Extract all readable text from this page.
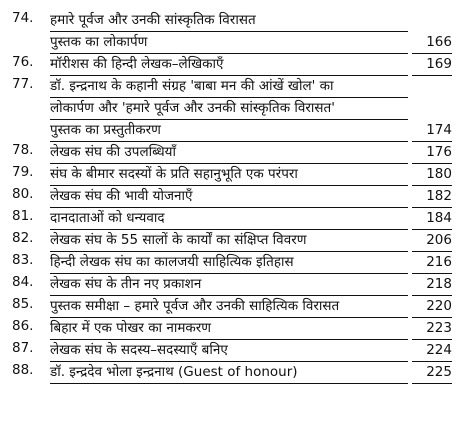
74.	हमारे पूर्वज और उनकी सांस्कृतिक विरासत
पुस्तक का लोकार्पण	166
76.	मॉरीशस की हिन्दी लेखक–लेखिकाएँ	169
77.	डॉ. इन्द्रनाथ के कहानी संग्रह 'बाबा मन की आंखें खोल' का
लोकार्पण और 'हमारे पूर्वज और उनकी सांस्कृतिक विरासत'
पुस्तक का प्रस्तुतीकरण	174
78.	लेखक संघ की उपलब्धियाँ	176
79.	संघ के बीमार सदस्यों के प्रति सहानुभूति एक परंपरा	180
80.	लेखक संघ की भावी योजनाएँ	182
81.	दानदाताओं को धन्यवाद	184
82.	लेखक संघ के 55 सालों के कार्यों का संक्षिप्त विवरण	206
83.	हिन्दी लेखक संघ का कालजयी साहित्यिक इतिहास	216
84.	लेखक संघ के तीन नए प्रकाशन	218
85.	पुस्तक समीक्षा – हमारे पूर्वज और उनकी साहित्यिक विरासत	220
86.	बिहार में एक पोखर का नामकरण	223
87.	लेखक संघ के सदस्य–सदस्याएँ बनिए	224
88.	डॉ. इन्द्रदेव भोला इन्द्रनाथ (Guest of honour)	225
